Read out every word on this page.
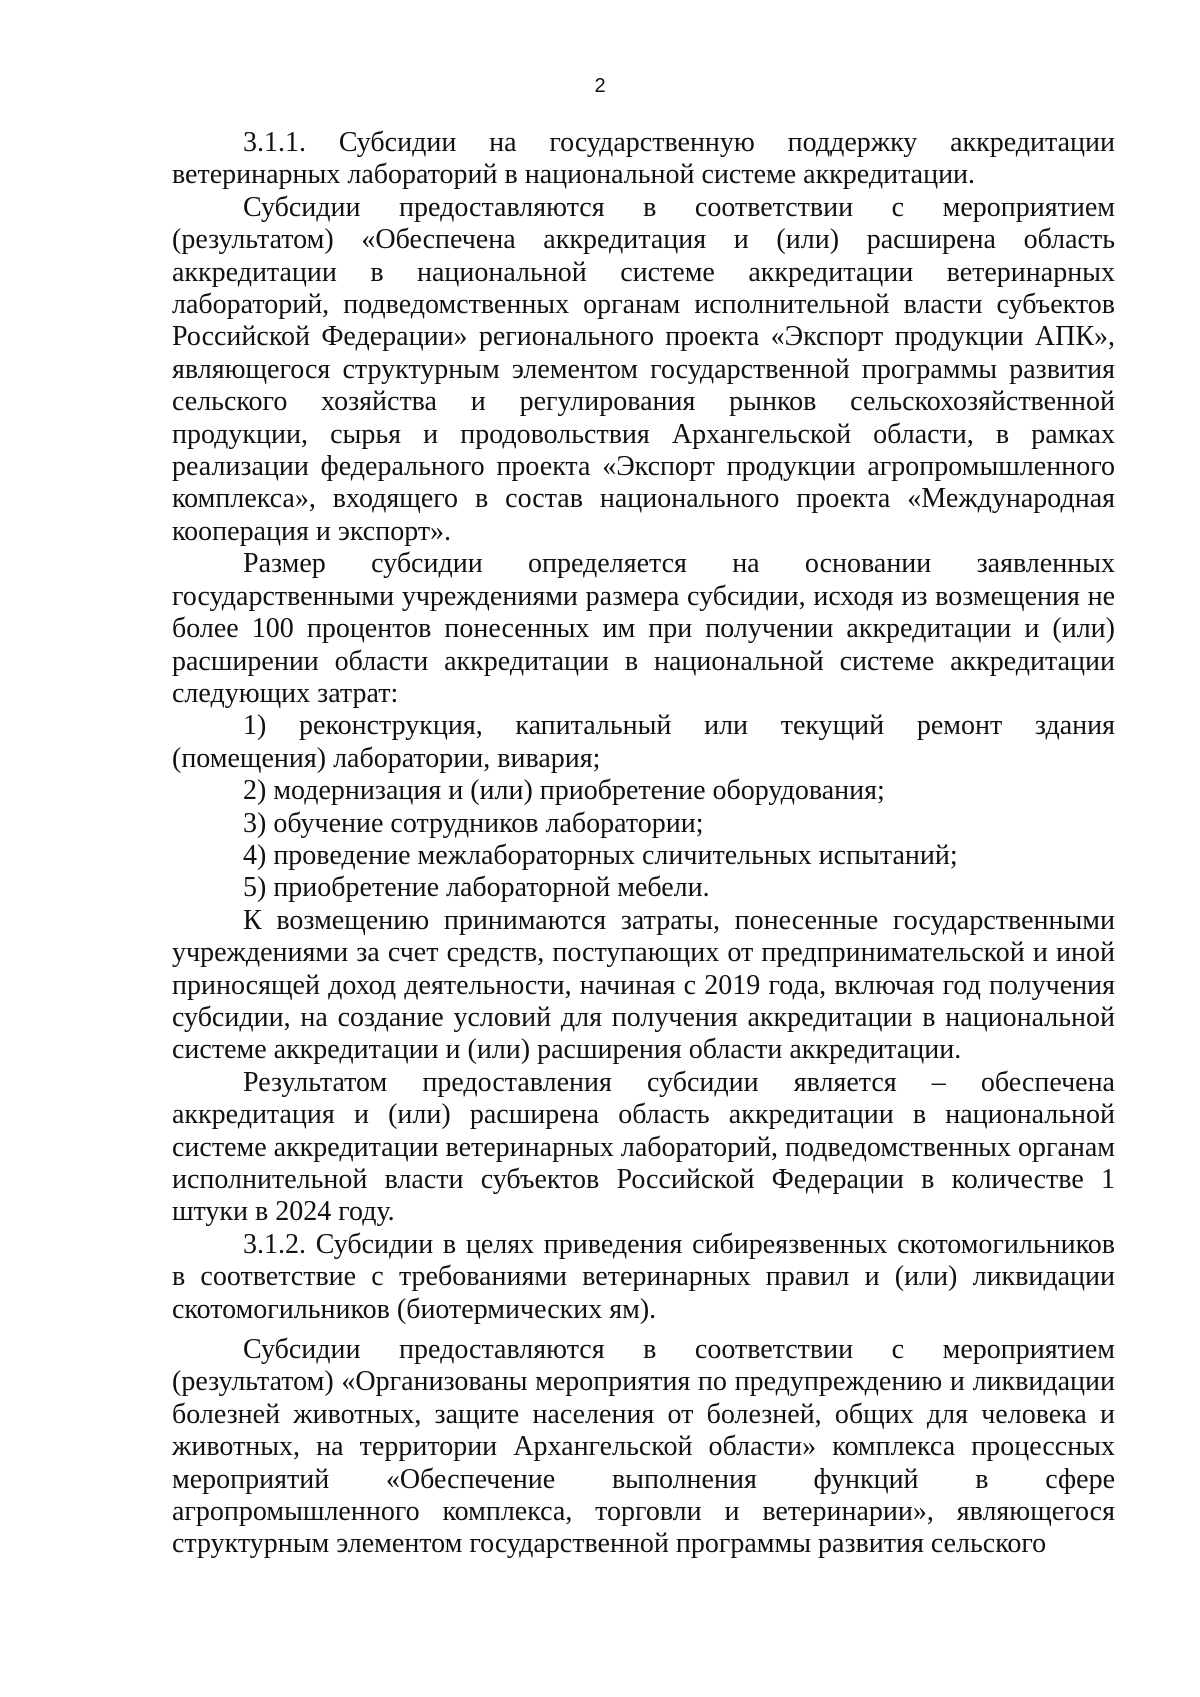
2

3.1.1. Субсидии на государственную поддержку аккредитации ветеринарных лабораторий в национальной системе аккредитации.

Субсидии предоставляются в соответствии с мероприятием (результатом) «Обеспечена аккредитация и (или) расширена область аккредитации в национальной системе аккредитации ветеринарных лабораторий, подведомственных органам исполнительной власти субъектов Российской Федерации» регионального проекта «Экспорт продукции АПК», являющегося структурным элементом государственной программы развития сельского хозяйства и регулирования рынков сельскохозяйственной продукции, сырья и продовольствия Архангельской области, в рамках реализации федерального проекта «Экспорт продукции агропромышленного комплекса», входящего в состав национального проекта «Международная кооперация и экспорт».

Размер субсидии определяется на основании заявленных государственными учреждениями размера субсидии, исходя из возмещения не более 100 процентов понесенных им при получении аккредитации и (или) расширении области аккредитации в национальной системе аккредитации следующих затрат:

1) реконструкция, капитальный или текущий ремонт здания (помещения) лаборатории, вивария;

2) модернизация и (или) приобретение оборудования;

3) обучение сотрудников лаборатории;

4) проведение межлабораторных сличительных испытаний;

5) приобретение лабораторной мебели.

К возмещению принимаются затраты, понесенные государственными учреждениями за счет средств, поступающих от предпринимательской и иной приносящей доход деятельности, начиная с 2019 года, включая год получения субсидии, на создание условий для получения аккредитации в национальной системе аккредитации и (или) расширения области аккредитации.

Результатом предоставления субсидии является – обеспечена аккредитация и (или) расширена область аккредитации в национальной системе аккредитации ветеринарных лабораторий, подведомственных органам исполнительной власти субъектов Российской Федерации в количестве 1 штуки в 2024 году.

3.1.2. Субсидии в целях приведения сибиреязвенных скотомогильников в соответствие с требованиями ветеринарных правил и (или) ликвидации скотомогильников (биотермических ям).

Субсидии предоставляются в соответствии с мероприятием (результатом) «Организованы мероприятия по предупреждению и ликвидации болезней животных, защите населения от болезней, общих для человека и животных, на территории Архангельской области» комплекса процессных мероприятий «Обеспечение выполнения функций в сфере агропромышленного комплекса, торговли и ветеринарии», являющегося структурным элементом государственной программы развития сельского
